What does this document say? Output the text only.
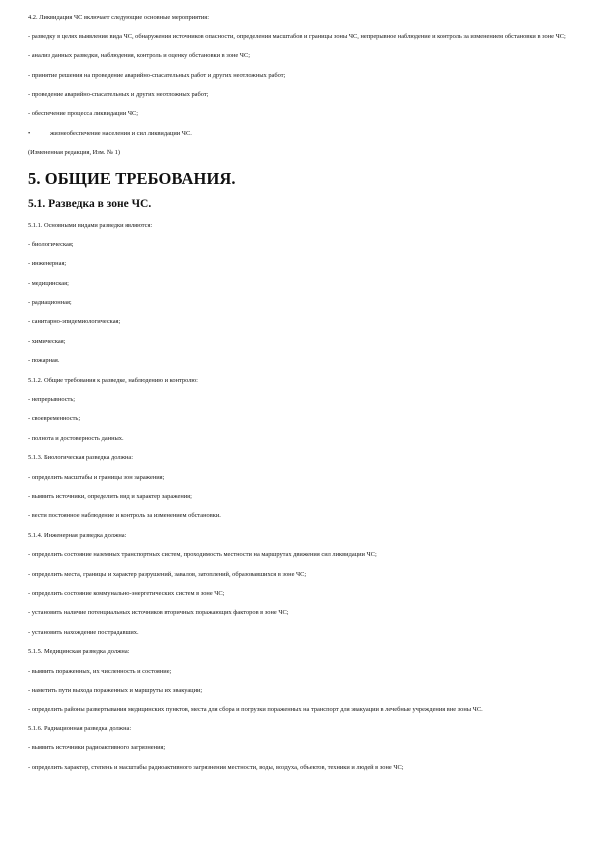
4.2. Ликвидация ЧС включает следующие основные мероприятия:

- разведку в целях выявления вида ЧС, обнаружения источников опасности, определения масштабов и границы зоны ЧС, непрерывное наблюдение и контроль за изменением обстановки в зоне ЧС;

- анализ данных разведки, наблюдения, контроль и оценку обстановки в зоне ЧС;

- принятие решения на проведение аварийно-спасательных работ и других неотложных работ;

- проведение аварийно-спасательных и других неотложных работ;

- обеспечение процесса ликвидации ЧС;

•	жизнеобеспечение населения и сил ликвидации ЧС.

(Измененная редакция, Изм. № 1)

5. ОБЩИЕ ТРЕБОВАНИЯ.
5.1. Разведка в зоне ЧС.

5.1.1. Основными видами разведки являются:

- биологическая;

- инженерная;

- медицинская;

- радиационная;

- санитарно-эпидемиологическая;

- химическая;

- пожарная.

5.1.2. Общие требования к разведке, наблюдению и контролю:

- непрерывность;

- своевременность;

- полнота и достоверность данных.

5.1.3. Биологическая разведка должна:

- определить масштабы и границы зон заражения;

- выявить источники, определить вид и характер заражения;

- вести постоянное наблюдение и контроль за изменением обстановки.

5.1.4. Инженерная разведка должна:

- определить состояние наземных транспортных систем, проходимость местности на маршрутах движения сил ликвидации ЧС;

- определить места, границы и характер разрушений, завалов, затоплений, образовавшихся в зоне ЧС;

- определить состояние коммунально-энергетических систем в зоне ЧС;

- установить наличие потенциальных источников вторичных поражающих факторов в зоне ЧС;

- установить нахождение пострадавших.

5.1.5. Медицинская разведка должна:

- выявить пораженных, их численность и состояние;

- наметить пути выхода пораженных и маршруты их эвакуации;

- определить районы развертывания медицинских пунктов, места для сбора и погрузки пораженных на транспорт для эвакуации в лечебные учреждения вне зоны ЧС.

5.1.6. Радиационная разведка должна:

- выявить источники радиоактивного загрязнения;

- определить характер, степень и масштабы радиоактивного загрязнения местности, воды, воздуха, объектов, техники и людей в зоне ЧС;
